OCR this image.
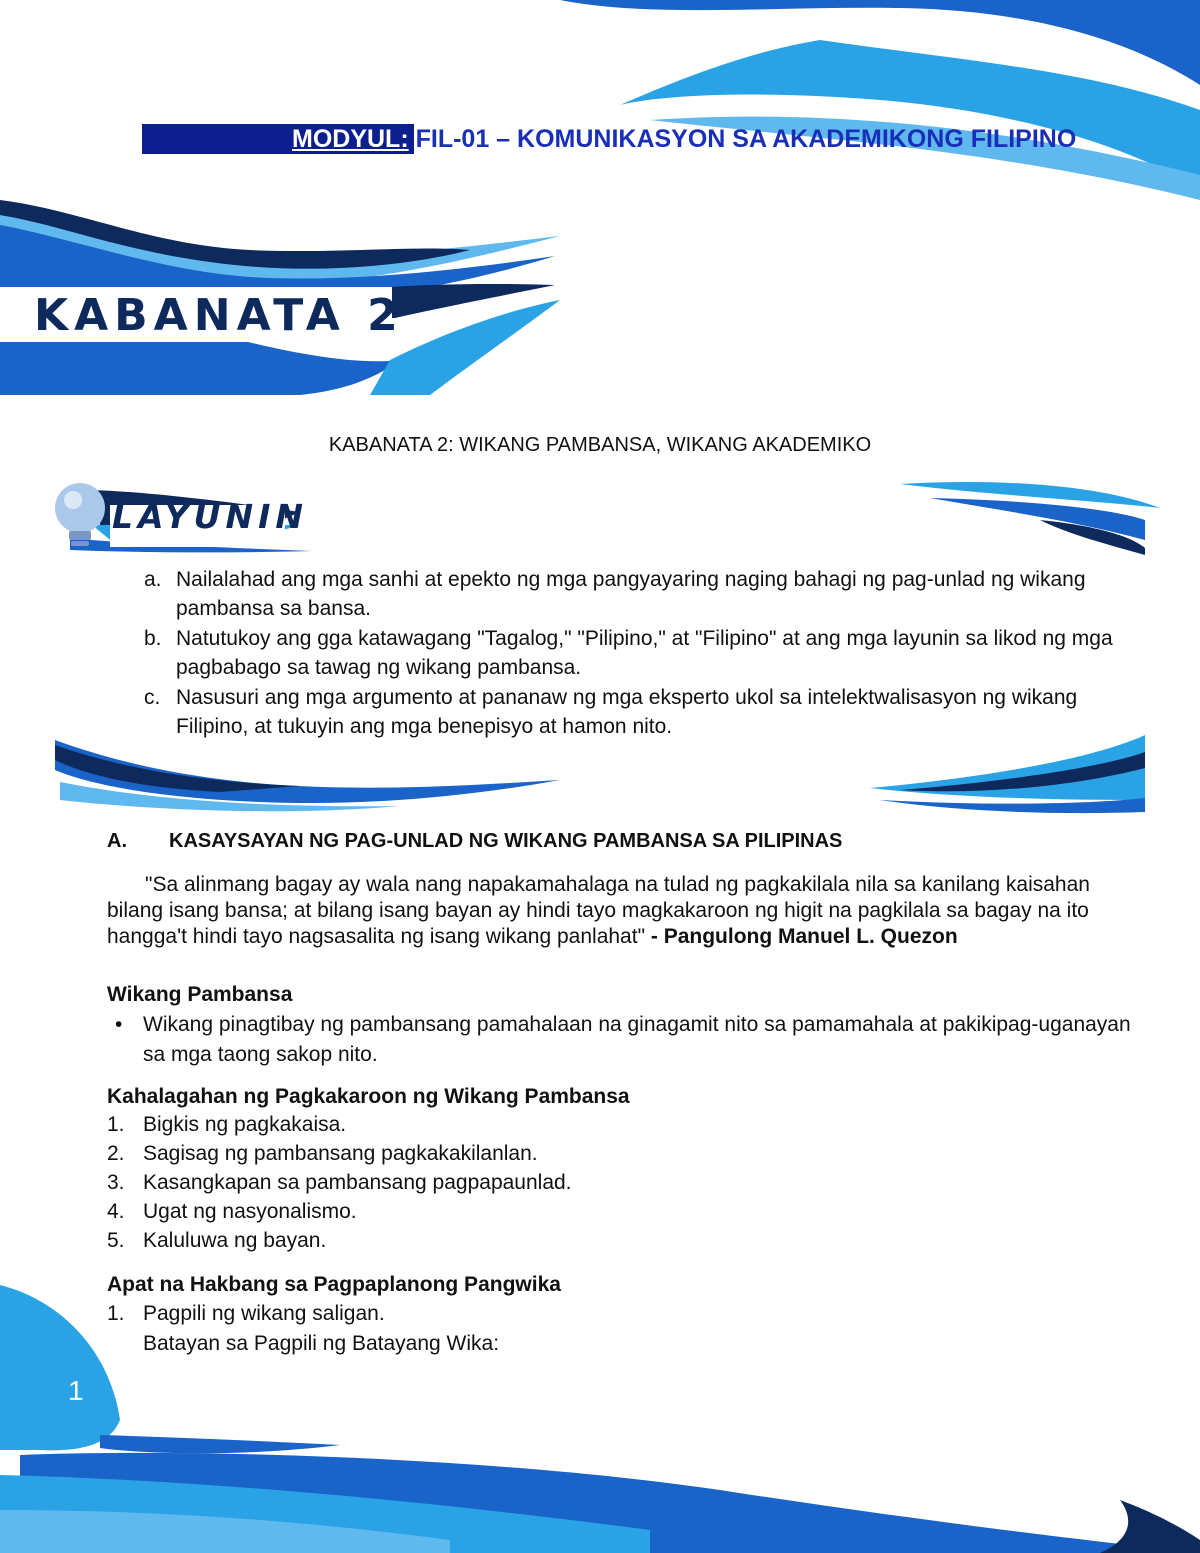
MODYUL: FIL-01 – KOMUNIKASYON SA AKADEMIKONG FILIPINO
KABANATA 2
KABANATA 2: WIKANG PAMBANSA, WIKANG AKADEMIKO
LAYUNIN
a. Nailalahad ang mga sanhi at epekto ng mga pangyayaring naging bahagi ng pag-unlad ng wikang pambansa sa bansa.
b. Natutukoy ang gga katawagang "Tagalog," "Pilipino," at "Filipino" at ang mga layunin sa likod ng mga pagbabago sa tawag ng wikang pambansa.
c. Nasusuri ang mga argumento at pananaw ng mga eksperto ukol sa intelektwalisasyon ng wikang Filipino, at tukuyin ang mga benepisyo at hamon nito.
A. KASAYSAYAN NG PAG-UNLAD NG WIKANG PAMBANSA SA PILIPINAS
"Sa alinmang bagay ay wala nang napakamahalaga na tulad ng pagkakilala nila sa kanilang kaisahan bilang isang bansa; at bilang isang bayan ay hindi tayo magkakaroon ng higit na pagkilala sa bagay na ito hangga't hindi tayo nagsasalita ng isang wikang panlahat" - Pangulong Manuel L. Quezon
Wikang Pambansa
• Wikang pinagtibay ng pambansang pamahalaan na ginagamit nito sa pamamahala at pakikipag-uganayan sa mga taong sakop nito.
Kahalagahan ng Pagkakaroon ng Wikang Pambansa
1. Bigkis ng pagkakaisa.
2. Sagisag ng pambansang pagkakakilanlan.
3. Kasangkapan sa pambansang pagpapaunlad.
4. Ugat ng nasyonalismo.
5. Kaluluwa ng bayan.
Apat na Hakbang sa Pagpaplanong Pangwika
1. Pagpili ng wikang saligan.
Batayan sa Pagpili ng Batayang Wika:
1
